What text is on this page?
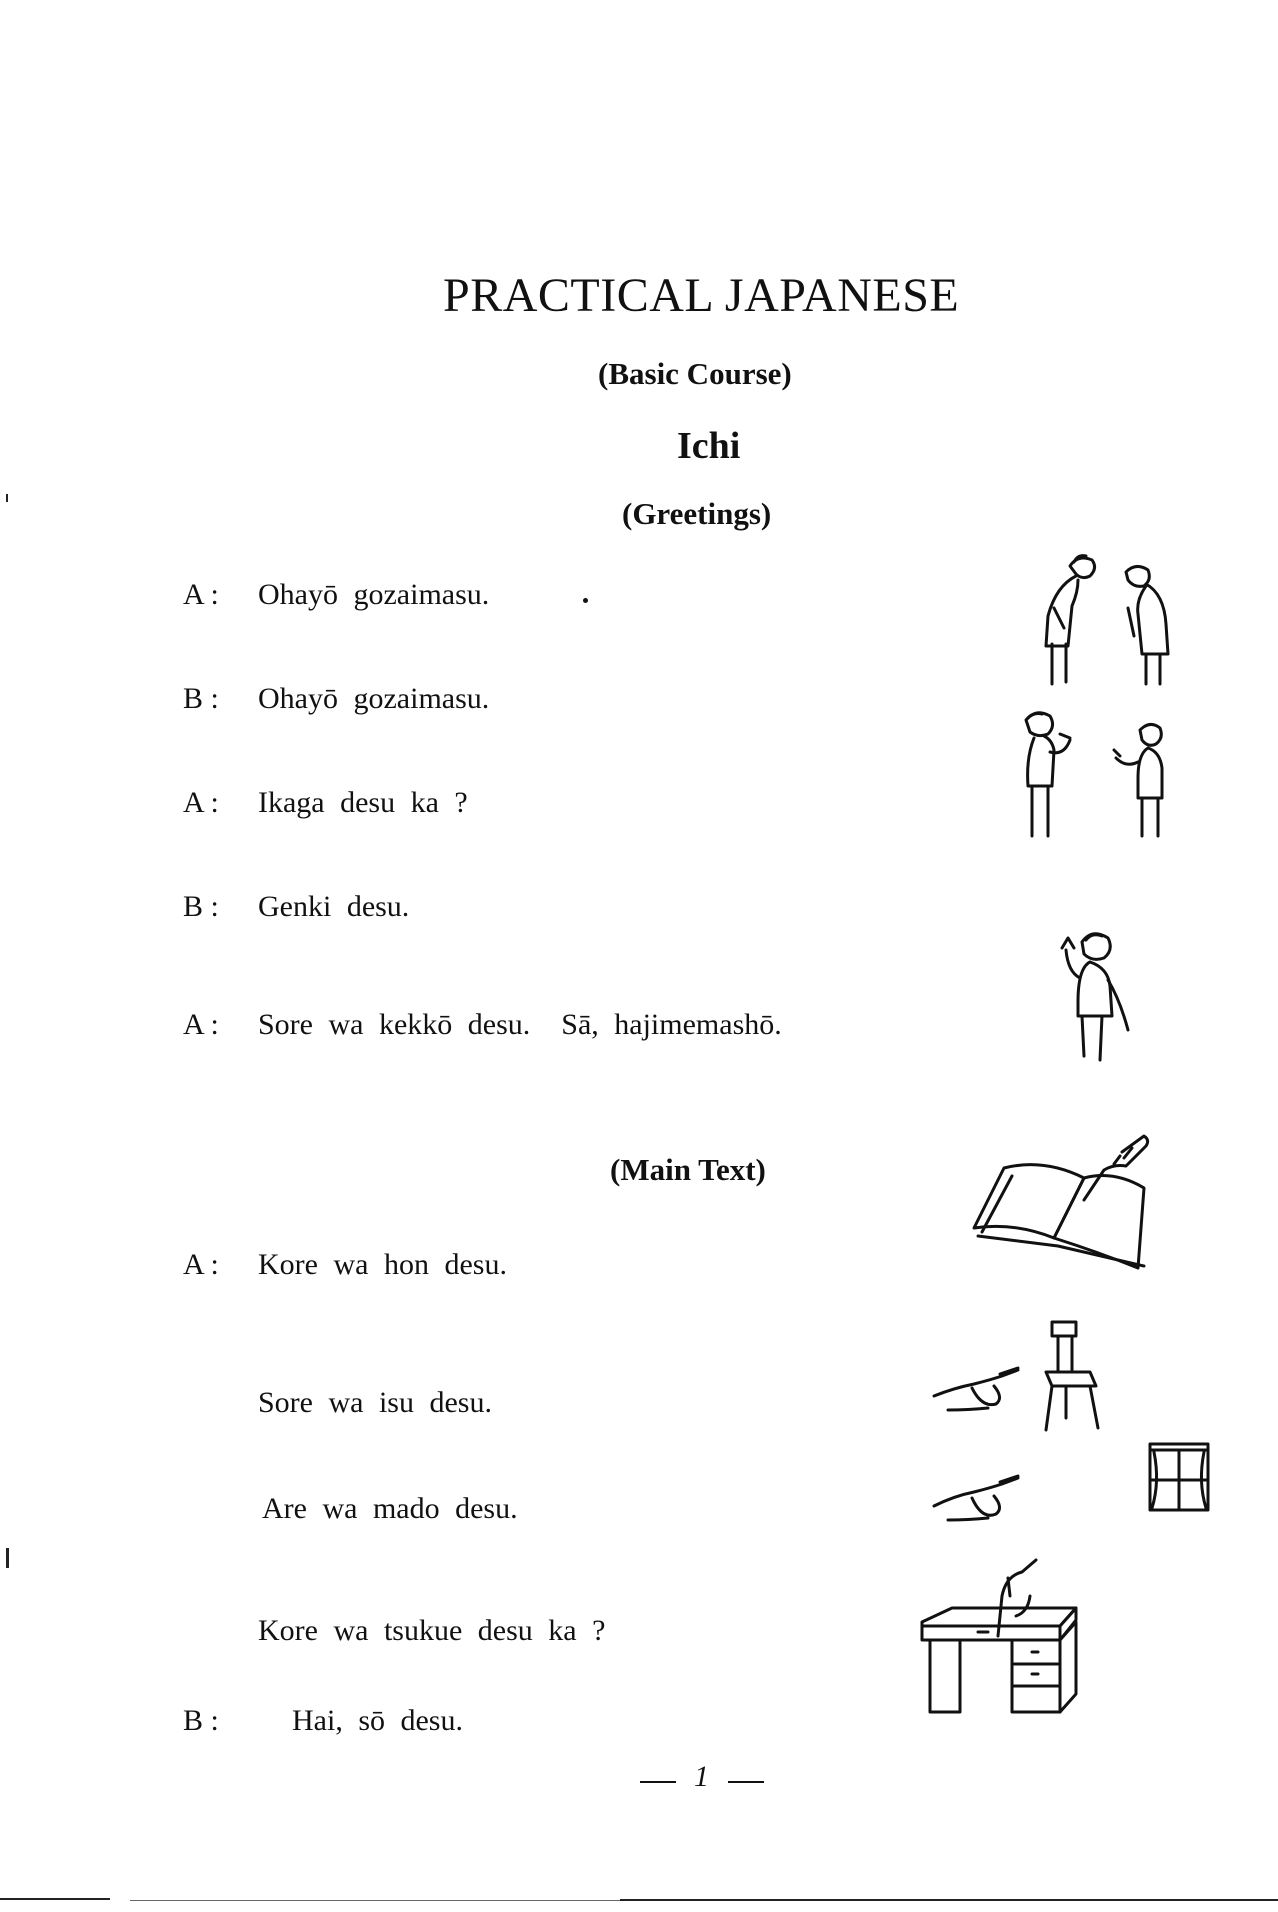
PRACTICAL JAPANESE
(Basic Course)
Ichi
(Greetings)
A : Ohayō gozaimasu.
B : Ohayō gozaimasu.
A : Ikaga desu ka ?
B : Genki desu.
A : Sore wa kekkō desu.  Sā, hajimemashō.
(Main Text)
A : Kore wa hon desu.
Sore wa isu desu.
Are wa mado desu.
Kore wa tsukue desu ka ?
B : Hai, sō desu.
1
